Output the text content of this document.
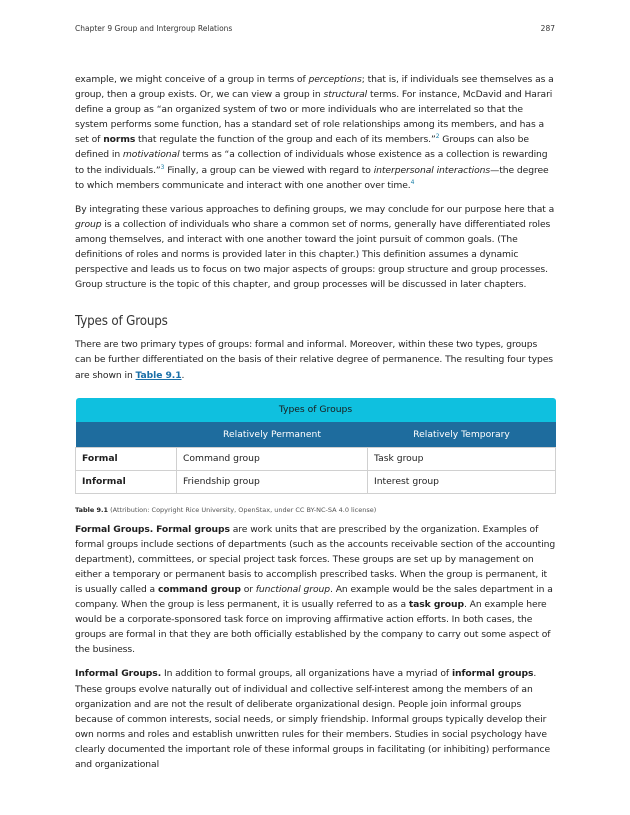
Chapter 9 Group and Intergroup Relations	287

example, we might conceive of a group in terms of perceptions; that is, if individuals see themselves as a group, then a group exists. Or, we can view a group in structural terms. For instance, McDavid and Harari define a group as “an organized system of two or more individuals who are interrelated so that the system performs some function, has a standard set of role relationships among its members, and has a set of norms that regulate the function of the group and each of its members.”$^2$ Groups can also be defined in motivational terms as “a collection of individuals whose existence as a collection is rewarding to the individuals.”$^3$ Finally, a group can be viewed with regard to interpersonal interactions—the degree to which members communicate and interact with one another over time.$^4$

By integrating these various approaches to defining groups, we may conclude for our purpose here that a group is a collection of individuals who share a common set of norms, generally have differentiated roles among themselves, and interact with one another toward the joint pursuit of common goals. (The definitions of roles and norms is provided later in this chapter.) This definition assumes a dynamic perspective and leads us to focus on two major aspects of groups: group structure and group processes. Group structure is the topic of this chapter, and group processes will be discussed in later chapters.

Types of Groups

There are two primary types of groups: formal and informal. Moreover, within these two types, groups can be further differentiated on the basis of their relative degree of permanence. The resulting four types are shown in Table 9.1.

Types of Groups		
	Relatively Permanent	Relatively Temporary
Formal	Command group	Task group
Informal	Friendship group	Interest group
Table 9.1 (Attribution: Copyright Rice University, OpenStax, under CC BY-NC-SA 4.0 license)

Formal Groups. Formal groups are work units that are prescribed by the organization. Examples of formal groups include sections of departments (such as the accounts receivable section of the accounting department), committees, or special project task forces. These groups are set up by management on either a temporary or permanent basis to accomplish prescribed tasks. When the group is permanent, it is usually called a command group or functional group. An example would be the sales department in a company. When the group is less permanent, it is usually referred to as a task group. An example here would be a corporate-sponsored task force on improving affirmative action efforts. In both cases, the groups are formal in that they are both officially established by the company to carry out some aspect of the business.

Informal Groups. In addition to formal groups, all organizations have a myriad of informal groups. These groups evolve naturally out of individual and collective self-interest among the members of an organization and are not the result of deliberate organizational design. People join informal groups because of common interests, social needs, or simply friendship. Informal groups typically develop their own norms and roles and establish unwritten rules for their members. Studies in social psychology have clearly documented the important role of these informal groups in facilitating (or inhibiting) performance and organizational
